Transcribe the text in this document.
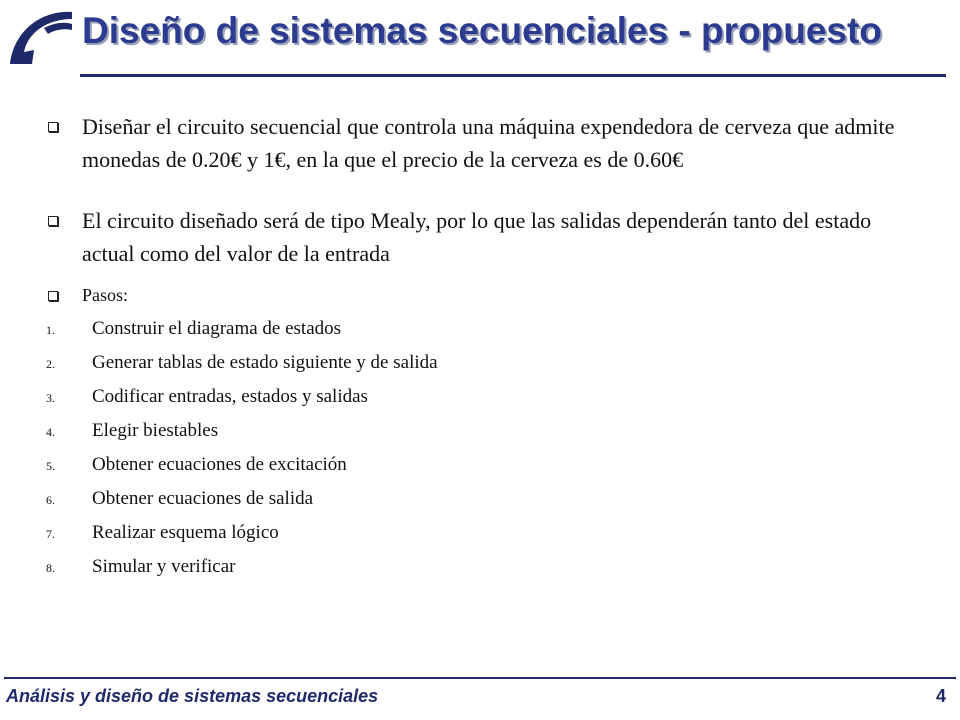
Diseño de sistemas secuenciales - propuesto
Diseñar el circuito secuencial que controla una máquina expendedora de cerveza que admite monedas de 0.20€ y 1€, en la que el precio de la cerveza es de 0.60€
El circuito diseñado será de tipo Mealy, por lo que las salidas dependerán tanto del estado actual como del valor de la entrada
Pasos:
1. Construir el diagrama de estados
2. Generar tablas de estado siguiente y de salida
3. Codificar entradas, estados y salidas
4. Elegir biestables
5. Obtener ecuaciones de excitación
6. Obtener ecuaciones de salida
7. Realizar esquema lógico
8. Simular y verificar
Análisis y diseño de sistemas secuenciales	4
